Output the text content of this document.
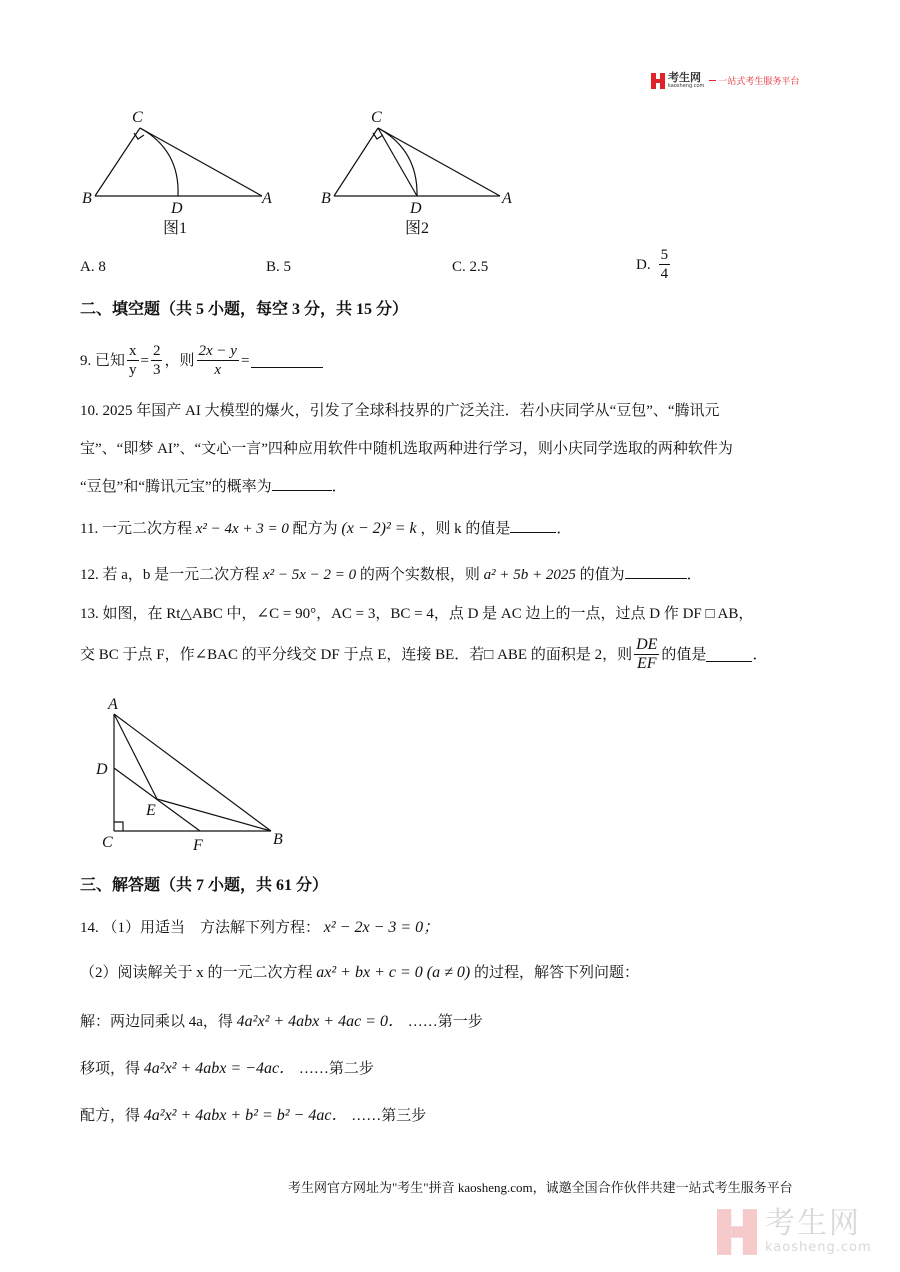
考生网
kaosheng.com 一站式考生服务平台
C
B
D
A
图1
C
B
D
A
图2
A. 8	B. 5	C. 2.5	D. $\frac{5}{4}$
二、填空题（共 5 小题，每空 3 分，共 15 分）
9. 已知 $\frac{x}{y} = \frac{2}{3}$ ，则 $\frac{2x - y}{x}$ =
10. 2025 年国产 AI 大模型的爆火，引发了全球科技界的广泛关注．若小庆同学从“豆包”、“腾讯元
宝”、“即梦 AI”、“文心一言”四种应用软件中随机选取两种进行学习，则小庆同学选取的两种软件为
“豆包”和“腾讯元宝”的概率为	．
11. 一元二次方程 x² − 4x + 3 = 0 配方为 (x − 2)² = k ，则 k 的值是	．
12. 若 a，b 是一元二次方程 x² − 5x − 2 = 0 的两个实数根，则 a² + 5b + 2025 的值为	．
13. 如图，在 Rt△ABC 中，∠C = 90°，AC = 3，BC = 4，点 D 是 AC 边上的一点，过点 D 作 DF □ AB，
交 BC 于点 F，作∠BAC 的平分线交 DF 于点 E，连接 BE．若□ ABE 的面积是 2，则 $\frac{DE}{EF}$ 的值是	．
A
D
E
C	F	B
三、解答题（共 7 小题，共 61 分）
14. （1）用适当　方法解下列方程： x² − 2x − 3 = 0；
（2）阅读解关于 x 的一元二次方程 ax² + bx + c = 0 (a ≠ 0) 的过程，解答下列问题：
解：两边同乘以 4a，得 4a²x² + 4abx + 4ac = 0． ……第一步
移项，得 4a²x² + 4abx = −4ac． ……第二步
配方，得 4a²x² + 4abx + b² = b² − 4ac． ……第三步
考生网官方网址为"考生"拼音 kaosheng.com，诚邀全国合作伙伴共建一站式考生服务平台
考生网
kaosheng.com
